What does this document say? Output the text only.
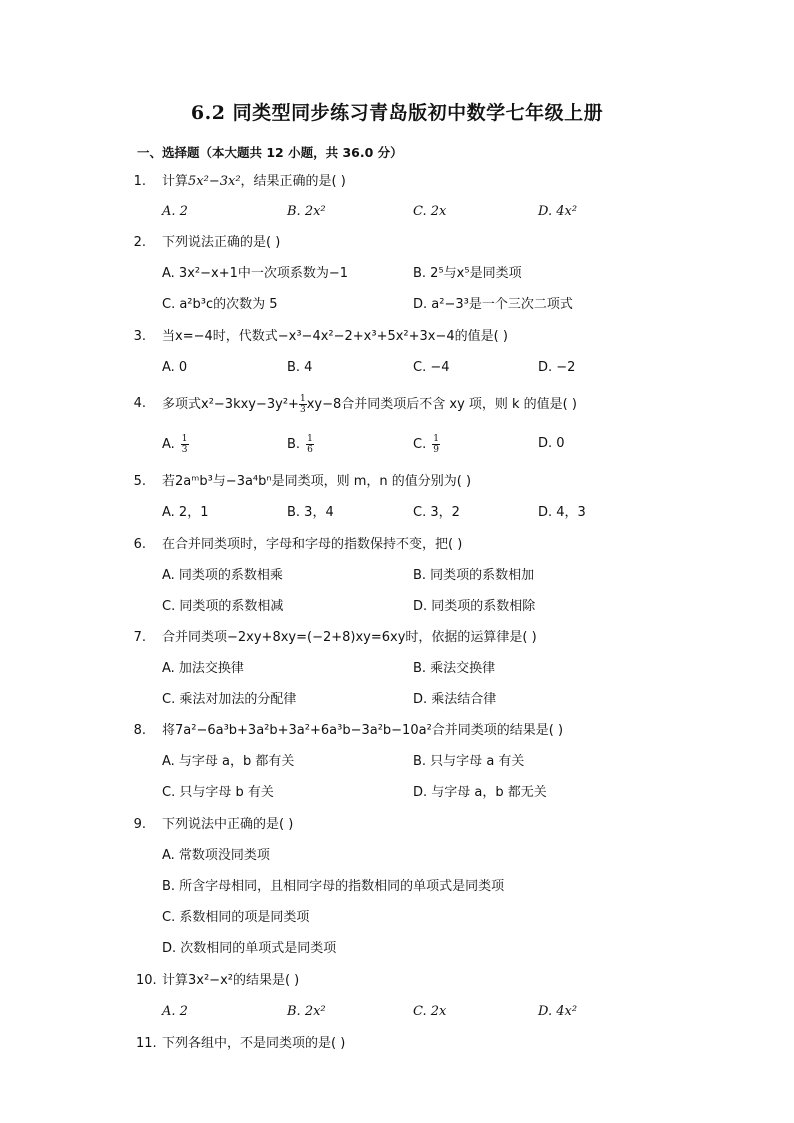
6.2 同类型同步练习青岛版初中数学七年级上册
一、选择题（本大题共 12 小题，共 36.0 分）
1. 计算5x²−3x²，结果正确的是( )
A. 2	B. 2x²	C. 2x	D. 4x²
2. 下列说法正确的是( )
A. 3x²−x+1中一次项系数为−1	B. 2⁵与x⁵是同类项
C. a²b³c的次数为 5	D. a²−3³是一个三次二项式
3. 当x=−4时，代数式−x³−4x²−2+x³+5x²+3x−4的值是( )
A. 0	B. 4	C. −4	D. −2
4. 多项式$x^2-3kxy-3y^2+ \frac{1}{3} xy-8$合并同类项后不含 xy 项，则 k 的值是( )
A. $\frac{1}{3}$	B. $\frac{1}{6}$	C. $\frac{1}{9}$	D. 0
5. 若2aᵐb³与−3a⁴bⁿ是同类项，则 m，n 的值分别为( )
A. 2，1	B. 3，4	C. 3，2	D. 4，3
6. 在合并同类项时，字母和字母的指数保持不变，把( )
A. 同类项的系数相乘	B. 同类项的系数相加
C. 同类项的系数相减	D. 同类项的系数相除
7. 合并同类项−2xy+8xy=(−2+8)xy=6xy时，依据的运算律是( )
A. 加法交换律	B. 乘法交换律
C. 乘法对加法的分配律	D. 乘法结合律
8. 将7a²−6a³b+3a²b+3a²+6a³b−3a²b−10a²合并同类项的结果是( )
A. 与字母 a，b 都有关	B. 只与字母 a 有关
C. 只与字母 b 有关	D. 与字母 a，b 都无关
9. 下列说法中正确的是( )
A. 常数项没同类项
B. 所含字母相同，且相同字母的指数相同的单项式是同类项
C. 系数相同的项是同类项
D. 次数相同的单项式是同类项
10. 计算3x²−x²的结果是( )
A. 2	B. 2x²	C. 2x	D. 4x²
11. 下列各组中，不是同类项的是( )
